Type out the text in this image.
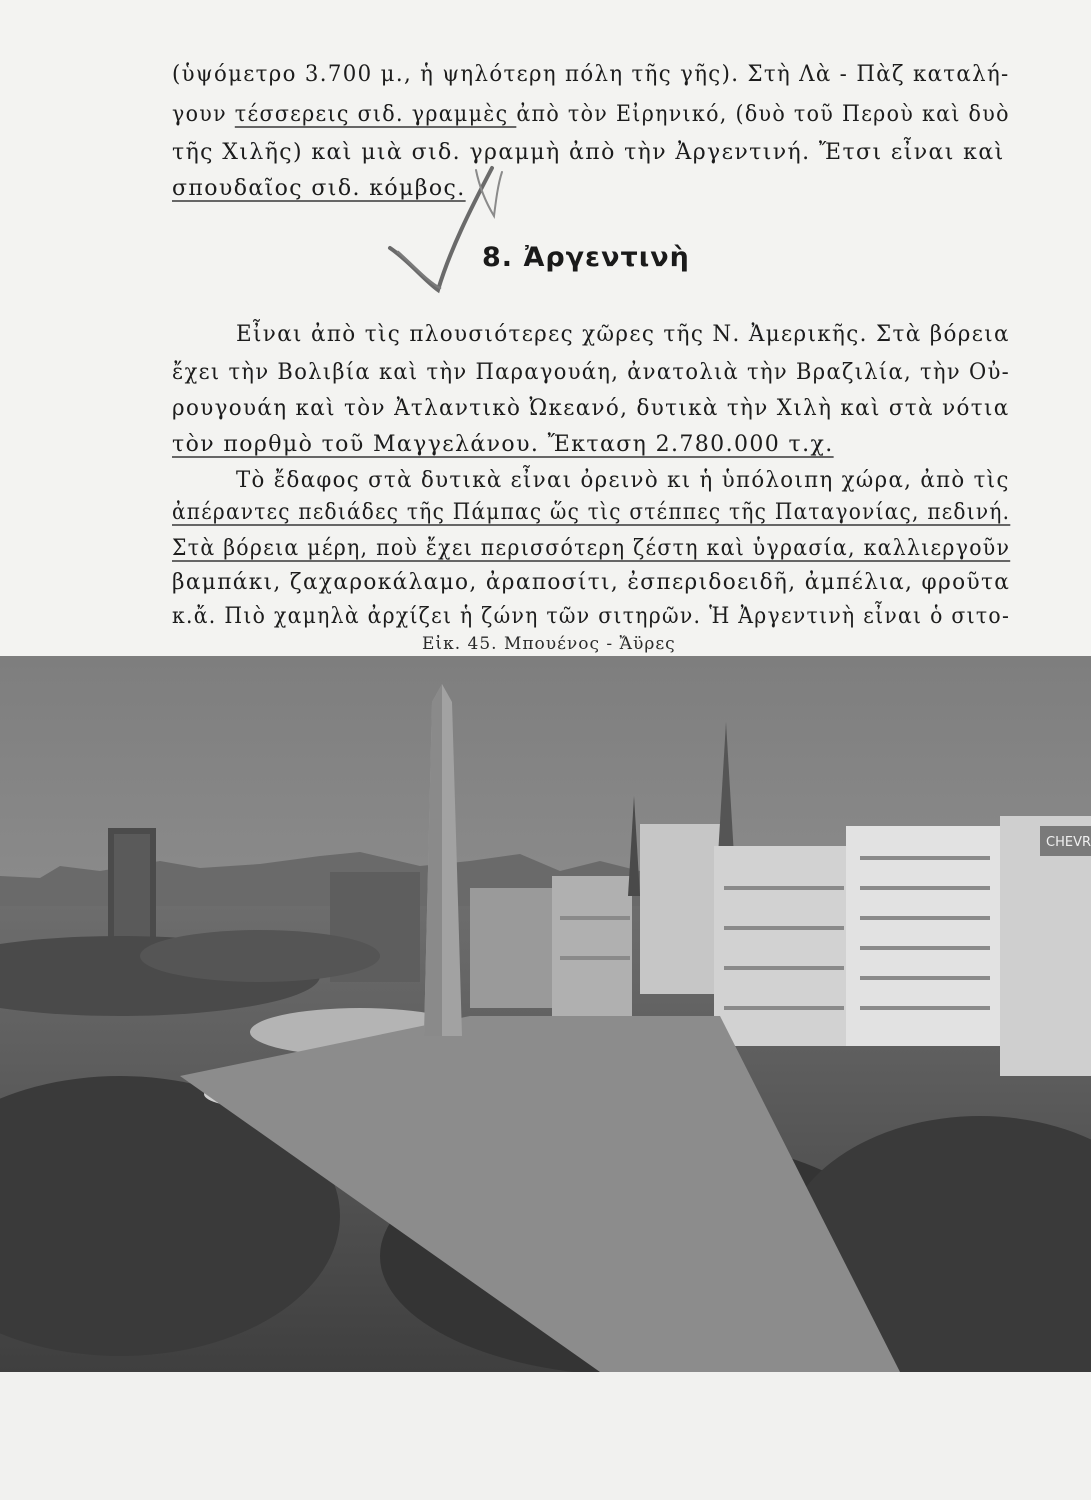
(ὑψόμετρο 3.700 μ., ἡ ψηλότερη πόλη τῆς γῆς). Στὴ Λὰ - Πὰζ καταλή-
γουν τέσσερεις σιδ. γραμμὲς ἀπὸ τὸν Εἰρηνικό, (δυὸ τοῦ Περοὺ καὶ δυὸ
τῆς Χιλῆς) καὶ μιὰ σιδ. γραμμὴ ἀπὸ τὴν Ἀργεντινή. Ἔτσι εἶναι καὶ
σπουδαῖος σιδ. κόμβος.
8. Ἀργεντινὴ
Εἶναι ἀπὸ τὶς πλουσιότερες χῶρες τῆς Ν. Ἀμερικῆς. Στὰ βόρεια
ἔχει τὴν Βολιβία καὶ τὴν Παραγουάη, ἀνατολιὰ τὴν Βραζιλία, τὴν Οὐ-
ρουγουάη καὶ τὸν Ἀτλαντικὸ Ὠκεανό, δυτικὰ τὴν Χιλὴ καὶ στὰ νότια
τὸν πορθμὸ τοῦ Μαγγελάνου. Ἔκταση 2.780.000 τ.χ.
Τὸ ἔδαφος στὰ δυτικὰ εἶναι ὀρεινὸ κι ἡ ὑπόλοιπη χώρα, ἀπὸ τὶς
ἀπέραντες πεδιάδες τῆς Πάμπας ὥς τὶς στέππες τῆς Παταγονίας, πεδινή.
Στὰ βόρεια μέρη, ποὺ ἔχει περισσότερη ζέστη καὶ ὑγρασία, καλλιεργοῦν
βαμπάκι, ζαχαροκάλαμο, ἀραποσίτι, ἐσπεριδοειδῆ, ἀμπέλια, φροῦτα
κ.ἄ. Πιὸ χαμηλὰ ἀρχίζει ἡ ζώνη τῶν σιτηρῶν. Ἡ Ἀργεντινὴ εἶναι ὁ σιτο-
Εἰκ. 45. Μπουένος - Ἄϋρες
CHEVR
